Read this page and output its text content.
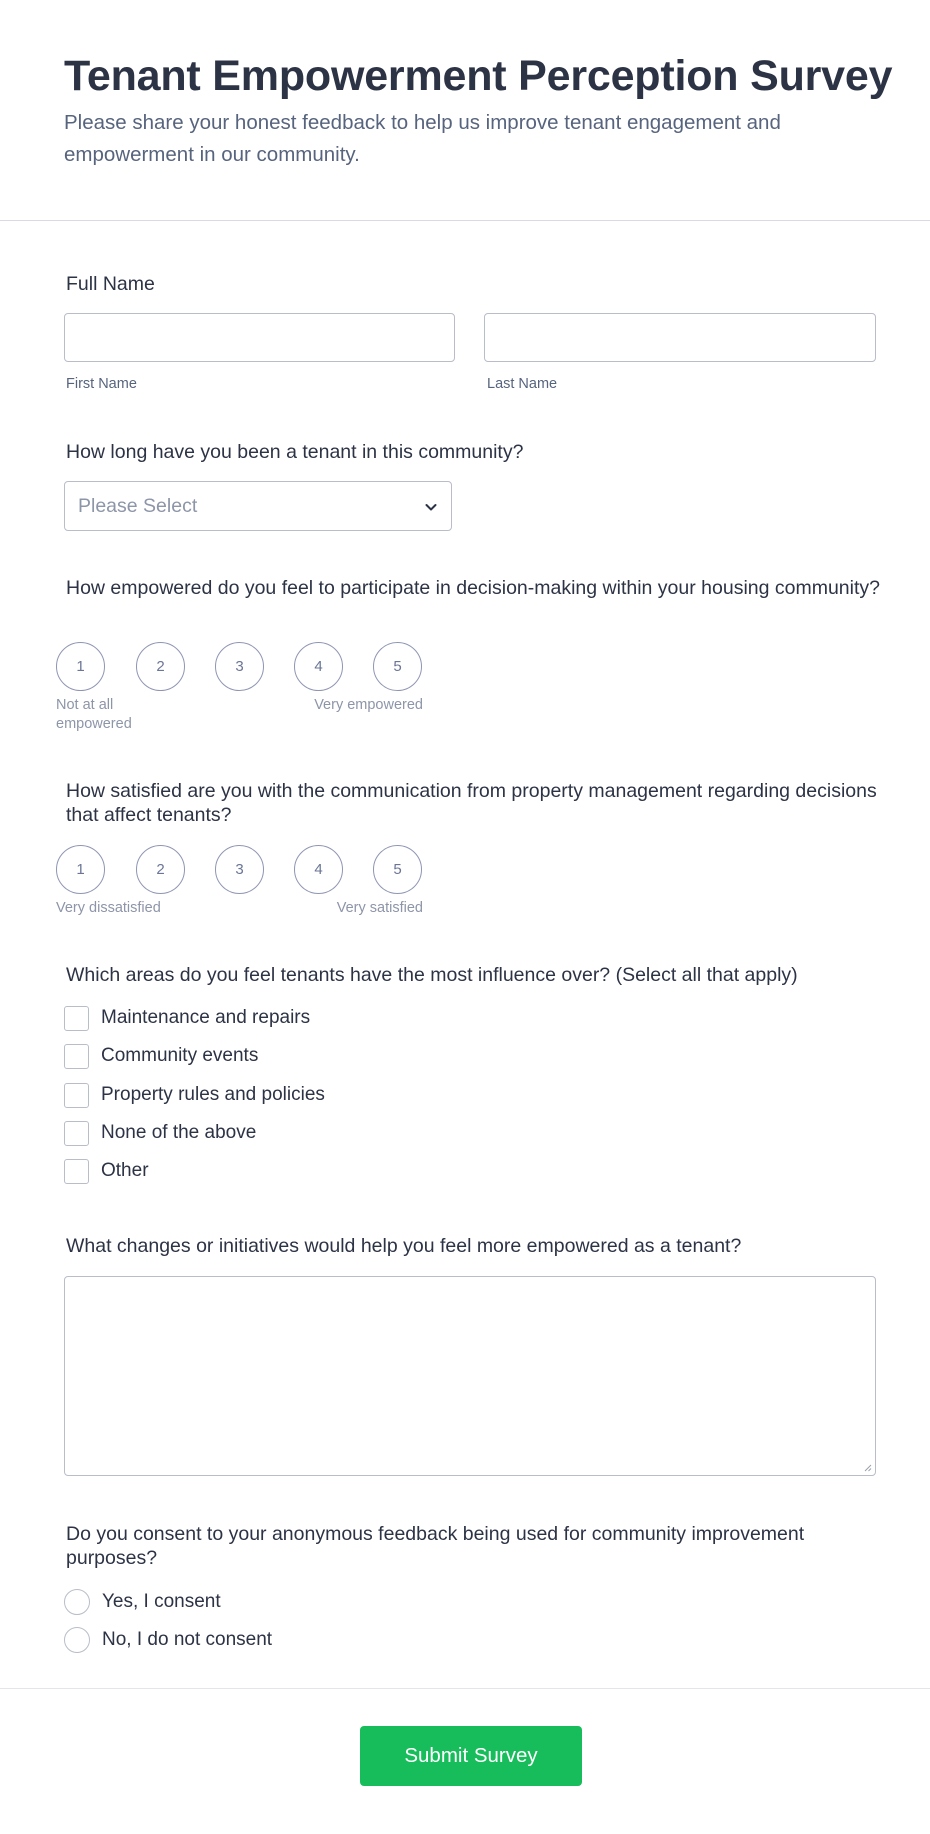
Tenant Empowerment Perception Survey

Please share your honest feedback to help us improve tenant engagement and empowerment in our community.

Full Name
First Name	Last Name
How long have you been a tenant in this community?
Please Select
How empowered do you feel to participate in decision-making within your housing community?
1	2	3	4	5
Not at all empowered
Very empowered
How satisfied are you with the communication from property management regarding decisions that affect tenants?
1	2	3	4	5
Very dissatisfied	Very satisfied
Which areas do you feel tenants have the most influence over? (Select all that apply)
Maintenance and repairs
Community events
Property rules and policies
None of the above
Other
What changes or initiatives would help you feel more empowered as a tenant?
Do you consent to your anonymous feedback being used for community improvement purposes?
Yes, I consent
No, I do not consent
Submit Survey
